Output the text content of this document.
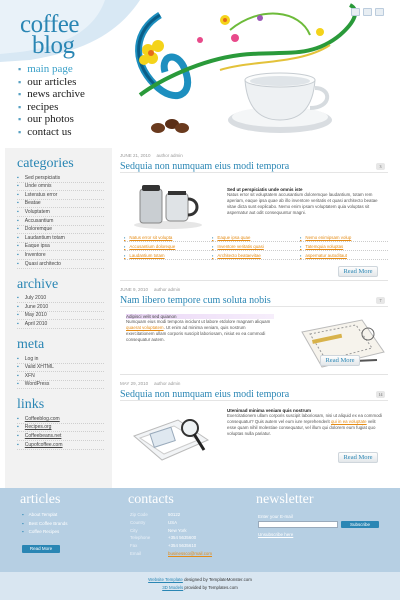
coffee
blog
▪ main page
▪ our articles
▪ news archive
▪ recipes
▪ our photos
▪ contact us
categories
▪ Sed perspiciatis
▪ Unde omnis
▪ Lsteratus error
▪ Beatae
▪ Voluptatem
▪ Accusantium
▪ Doloremque
▪ Laudantium totam
▪ Eaque ipsa
▪ Inventore
▪ Quasi architecto
archive
▪ July 2010
▪ June 2010
▪ May 2010
▪ April 2010
meta
▪ Log in
▪ Valid XHTML
▪ XFN
▪ WordPress
links
▪ Coffeeblog.com
▪ Recipes.org
▪ Coffeebeans.net
▪ Cupofcoffee.com
JUNE 21, 2010 author admin
Sedquia non numquam eius modi tempora	3
Sed ut perspiciatis unde omnis iste
Natus error sit voluptatem accusantium doloremque laudantium, totam rem aperiam, eaque ipsa quae ab illo inventore veritatis et quasi architecto beatae vitae dicta sunt explicabo. Nemo enim ipsam voluptatem quia voluptas sit aspernatur aut odit consequuntur magni.
▪ Natus error sit volupta	▪ Eaque ipsa quae	▪ Nemo enimipsam volup
▪ Accusantium doloreque	▪ Inventore veritatis quasi	▪ Tatemquia voluptas
▪ Laudantium totam	▪ Architecto beataevitae	▪ aspernatur autoditaut
Read More
JUNE 9, 2010 author admin
Nam libero tempore cum soluta nobis	7
Adipisci velit sed quianon
Numquam eius modi tempora incidunt ut labore etdolore magnam aliquam quaerat voluptatem. Ut enim ad minima veniam, quis nostrum exercitationem ullam corporis suscipit laboriosam, nisiut ex ea commodi consequatur autem.
Read More
MAY 29, 2010 author admin
Sedquia non numquam eius modi tempora	14
Utenimad minima veniam quis nostrum
Exercitationem ullam corporis suscipit laboriosam, nisi ut aliquid ex ea commodi consequatur? Quis autem vel eum iure reprehenderit qui in ea voluptate velit esse quam nihil molestiae consequatur, vel illum qui dolorem eum fugiat quo voluptas nulla pariatur.
Read More
articles
▪ About Templat
▪ Best Coffee Brands
▪ Coffee Recipes
Read More
contacts
Zip Code	50122
Country	USA
City	New York
Telephone	+354 5635600
Fax	+354 5635610
Email	businessco@mail.com
newsletter
Enter your E-mail
Subscribe
Unsubscribe here
Website Template designed by TemplateMonster.com
3D Models provided by Templates.com
